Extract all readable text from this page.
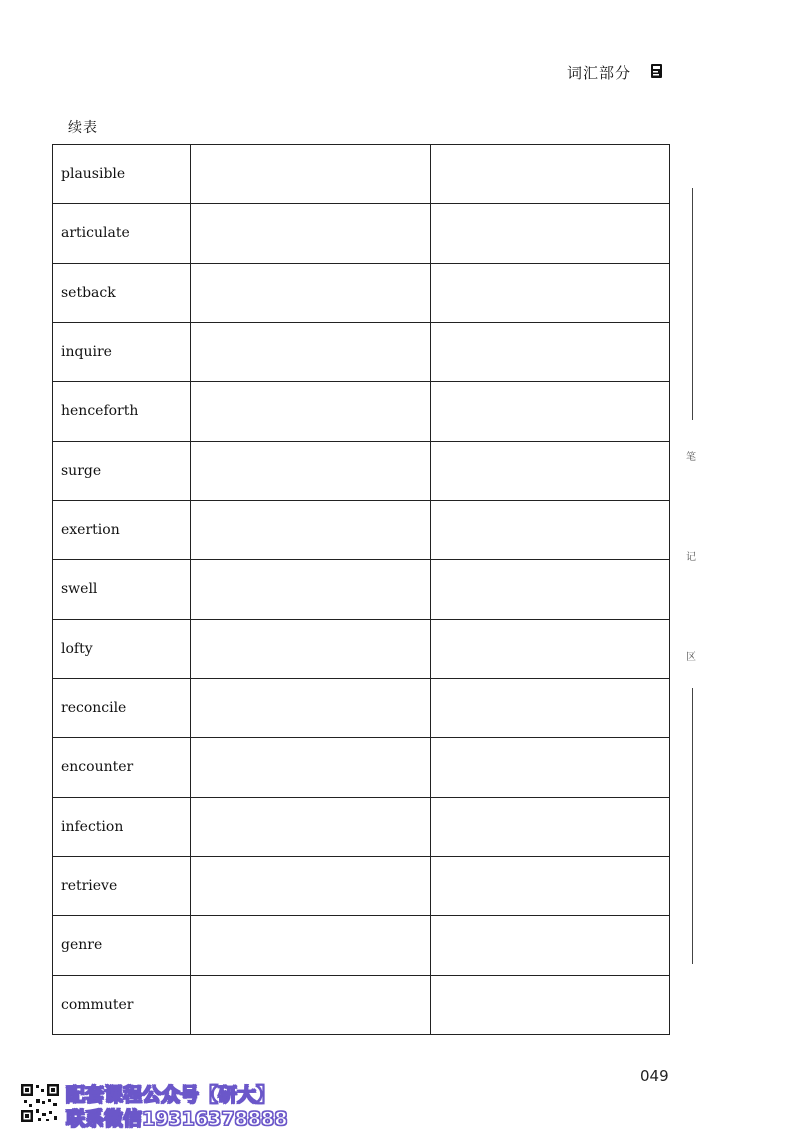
词汇部分
续表
plausible		
articulate		
setback		
inquire		
henceforth		
surge		
exertion		
swell		
lofty		
reconcile		
encounter		
infection		
retrieve		
genre		
commuter		
笔
记
区
049
配套课程公众号【研大】
联系微信19316378888
